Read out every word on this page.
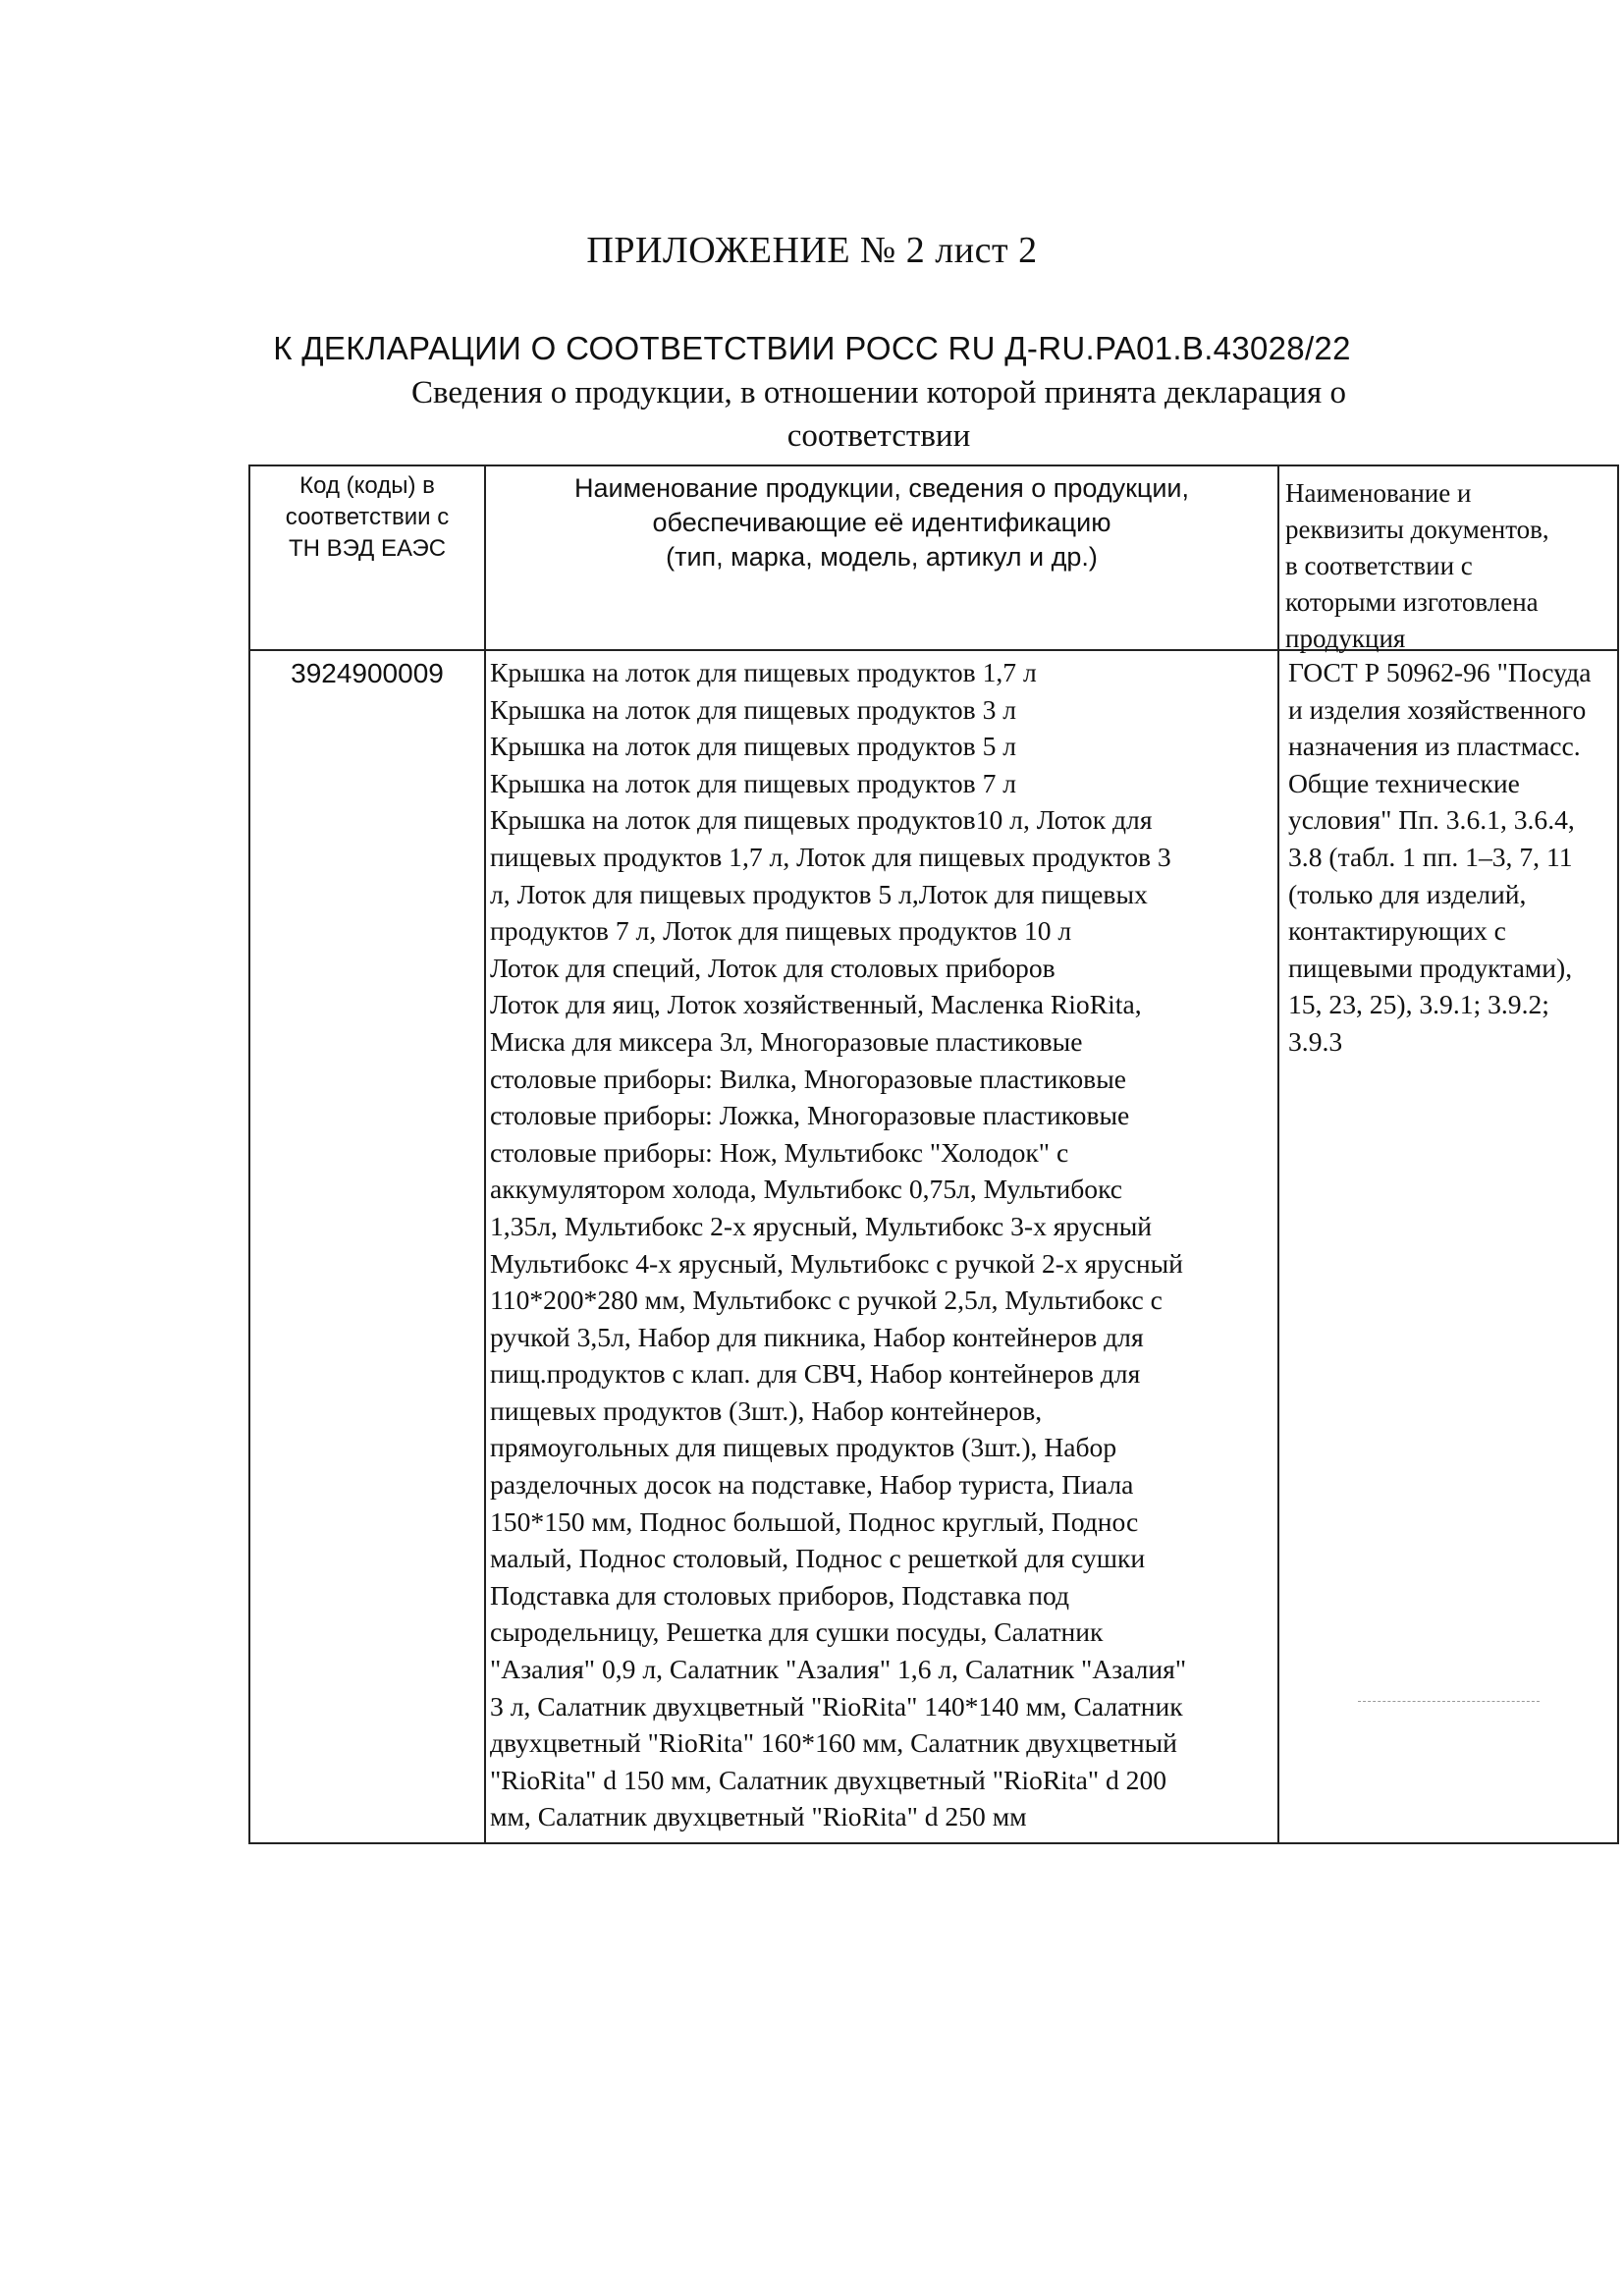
ПРИЛОЖЕНИЕ № 2 лист 2
К ДЕКЛАРАЦИИ О СООТВЕТСТВИИ РОСС RU Д-RU.PA01.B.43028/22
Сведения о продукции, в отношении которой принята декларация о
соответствии
Код (коды) в
соответствии с
ТН ВЭД ЕАЭС
Наименование продукции, сведения о продукции,
обеспечивающие её идентификацию
(тип, марка, модель, артикул и др.)
Наименование и
реквизиты документов,
в соответствии с
которыми изготовлена
продукция
3924900009	Крышка на лоток для пищевых продуктов 1,7 л
Крышка на лоток для пищевых продуктов 3 л
Крышка на лоток для пищевых продуктов 5 л
Крышка на лоток для пищевых продуктов 7 л
Крышка на лоток для пищевых продуктов10 л, Лоток для
пищевых продуктов 1,7 л, Лоток для пищевых продуктов 3
л, Лоток для пищевых продуктов 5 л,Лоток для пищевых
продуктов 7 л, Лоток для пищевых продуктов 10 л
Лоток для специй, Лоток для столовых приборов
Лоток для яиц, Лоток хозяйственный, Масленка RioRita,
Миска для миксера 3л, Многоразовые пластиковые
столовые приборы: Вилка, Многоразовые пластиковые
столовые приборы: Ложка, Многоразовые пластиковые
столовые приборы: Нож, Мультибокс "Холодок" с
аккумулятором холода, Мультибокс 0,75л, Мультибокс
1,35л, Мультибокс 2-х ярусный, Мультибокс 3-х ярусный
Мультибокс 4-х ярусный, Мультибокс с ручкой 2-х ярусный
110*200*280 мм, Мультибокс с ручкой 2,5л, Мультибокс с
ручкой 3,5л, Набор для пикника, Набор контейнеров для
пищ.продуктов с клап. для СВЧ, Набор контейнеров для
пищевых продуктов (3шт.), Набор контейнеров,
прямоугольных для пищевых продуктов (3шт.), Набор
разделочных досок на подставке, Набор туриста, Пиала
150*150 мм, Поднос большой, Поднос круглый, Поднос
малый, Поднос столовый, Поднос с решеткой для сушки
Подставка для столовых приборов, Подставка под
сыродельницу, Решетка для сушки посуды, Салатник
"Азалия" 0,9 л, Салатник "Азалия" 1,6 л, Салатник "Азалия"
3 л, Салатник двухцветный "RioRita" 140*140 мм, Салатник
двухцветный "RioRita" 160*160 мм, Салатник двухцветный
"RioRita" d 150 мм, Салатник двухцветный "RioRita" d 200
мм, Салатник двухцветный "RioRita" d 250 мм
ГОСТ Р 50962-96 "Посуда
и изделия хозяйственного
назначения из пластмасс.
Общие технические
условия" Пп. 3.6.1, 3.6.4,
3.8 (табл. 1 пп. 1–3, 7, 11
(только для изделий,
контактирующих с
пищевыми продуктами),
15, 23, 25), 3.9.1; 3.9.2;
3.9.3
